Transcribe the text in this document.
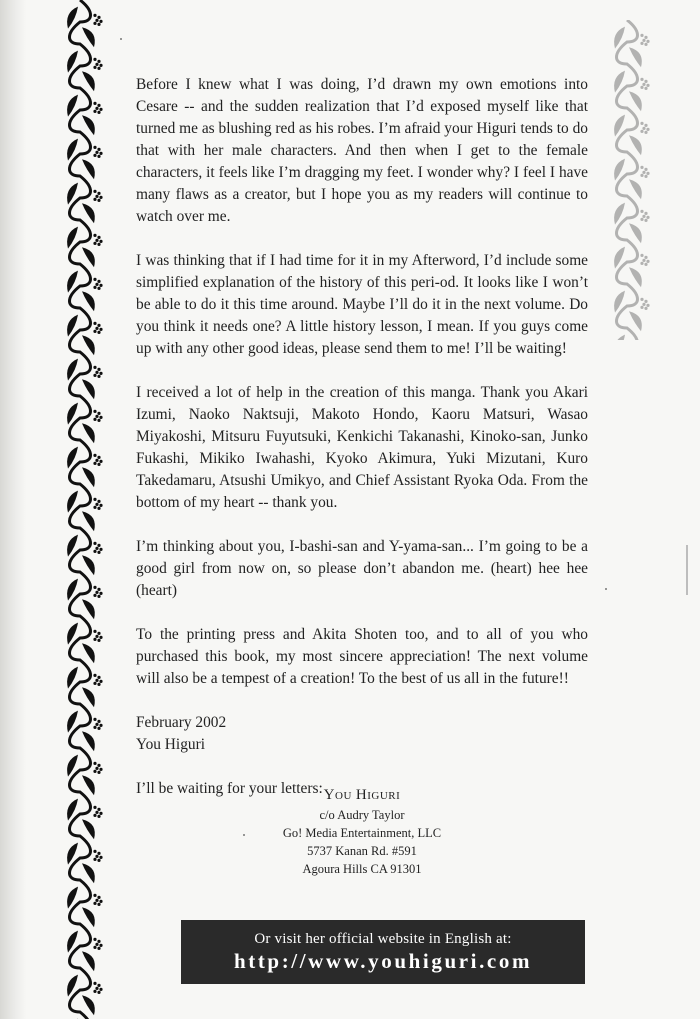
Before I knew what I was doing, I’d drawn my own emotions into Cesare -- and the sudden realization that I’d exposed myself like that turned me as blushing red as his robes. I’m afraid your Higuri tends to do that with her male characters. And then when I get to the female characters, it feels like I’m dragging my feet. I wonder why? I feel I have many flaws as a creator, but I hope you as my readers will continue to watch over me.

I was thinking that if I had time for it in my Afterword, I’d include some simplified explanation of the history of this peri-od. It looks like I won’t be able to do it this time around. Maybe I’ll do it in the next volume. Do you think it needs one? A little history lesson, I mean. If you guys come up with any other good ideas, please send them to me! I’ll be waiting!

I received a lot of help in the creation of this manga. Thank you Akari Izumi, Naoko Naktsuji, Makoto Hondo, Kaoru Matsuri, Wasao Miyakoshi, Mitsuru Fuyutsuki, Kenkichi Takanashi, Kinoko-san, Junko Fukashi, Mikiko Iwahashi, Kyoko Akimura, Yuki Mizutani, Kuro Takedamaru, Atsushi Umikyo, and Chief Assistant Ryoka Oda. From the bottom of my heart -- thank you.

I’m thinking about you, I-bashi-san and Y-yama-san... I’m going to be a good girl from now on, so please don’t abandon me. (heart) hee hee (heart)

To the printing press and Akita Shoten too, and to all of you who purchased this book, my most sincere appreciation! The next volume will also be a tempest of a creation! To the best of us all in the future!!

February 2002
You Higuri

I’ll be waiting for your letters: YOU HIGURI
c/o Audry Taylor
Go! Media Entertainment, LLC
5737 Kanan Rd. #591
Agoura Hills CA 91301
Or visit her official website in English at:
http://www.youhiguri.com
